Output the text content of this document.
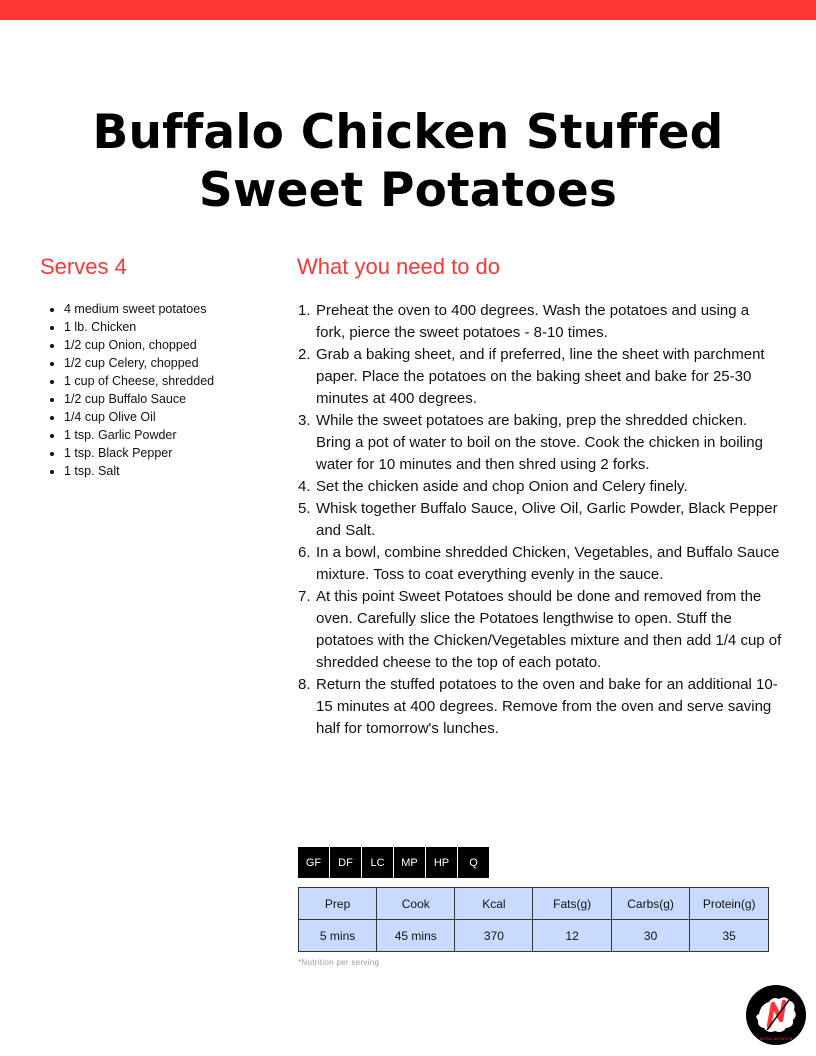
Buffalo Chicken Stuffed
Sweet Potatoes
Serves 4
• 4 medium sweet potatoes
• 1 lb. Chicken
• 1/2 cup Onion, chopped
• 1/2 cup Celery, chopped
• 1 cup of Cheese, shredded
• 1/2 cup Buffalo Sauce
• 1/4 cup Olive Oil
• 1 tsp. Garlic Powder
• 1 tsp. Black Pepper
• 1 tsp. Salt
What you need to do
1. Preheat the oven to 400 degrees. Wash the potatoes and using a fork, pierce the sweet potatoes - 8-10 times.
2. Grab a baking sheet, and if preferred, line the sheet with parchment paper. Place the potatoes on the baking sheet and bake for 25-30 minutes at 400 degrees.
3. While the sweet potatoes are baking, prep the shredded chicken. Bring a pot of water to boil on the stove. Cook the chicken in boiling water for 10 minutes and then shred using 2 forks.
4. Set the chicken aside and chop Onion and Celery finely.
5. Whisk together Buffalo Sauce, Olive Oil, Garlic Powder, Black Pepper and Salt.
6. In a bowl, combine shredded Chicken, Vegetables, and Buffalo Sauce mixture. Toss to coat everything evenly in the sauce.
7. At this point Sweet Potatoes should be done and removed from the oven. Carefully slice the Potatoes lengthwise to open. Stuff the potatoes with the Chicken/Vegetables mixture and then add 1/4 cup of shredded cheese to the top of each potato.
8. Return the stuffed potatoes to the oven and bake for an additional 10-15 minutes at 400 degrees. Remove from the oven and serve saving half for tomorrow's lunches.
GF	DF	LC	MP	HP	Q
Prep	Cook	Kcal	Fats(g)	Carbs(g)	Protein(g)
5 mins	45 mins	370	12	30	35
*Nutrition per serving
NATTAS NUTRITION
